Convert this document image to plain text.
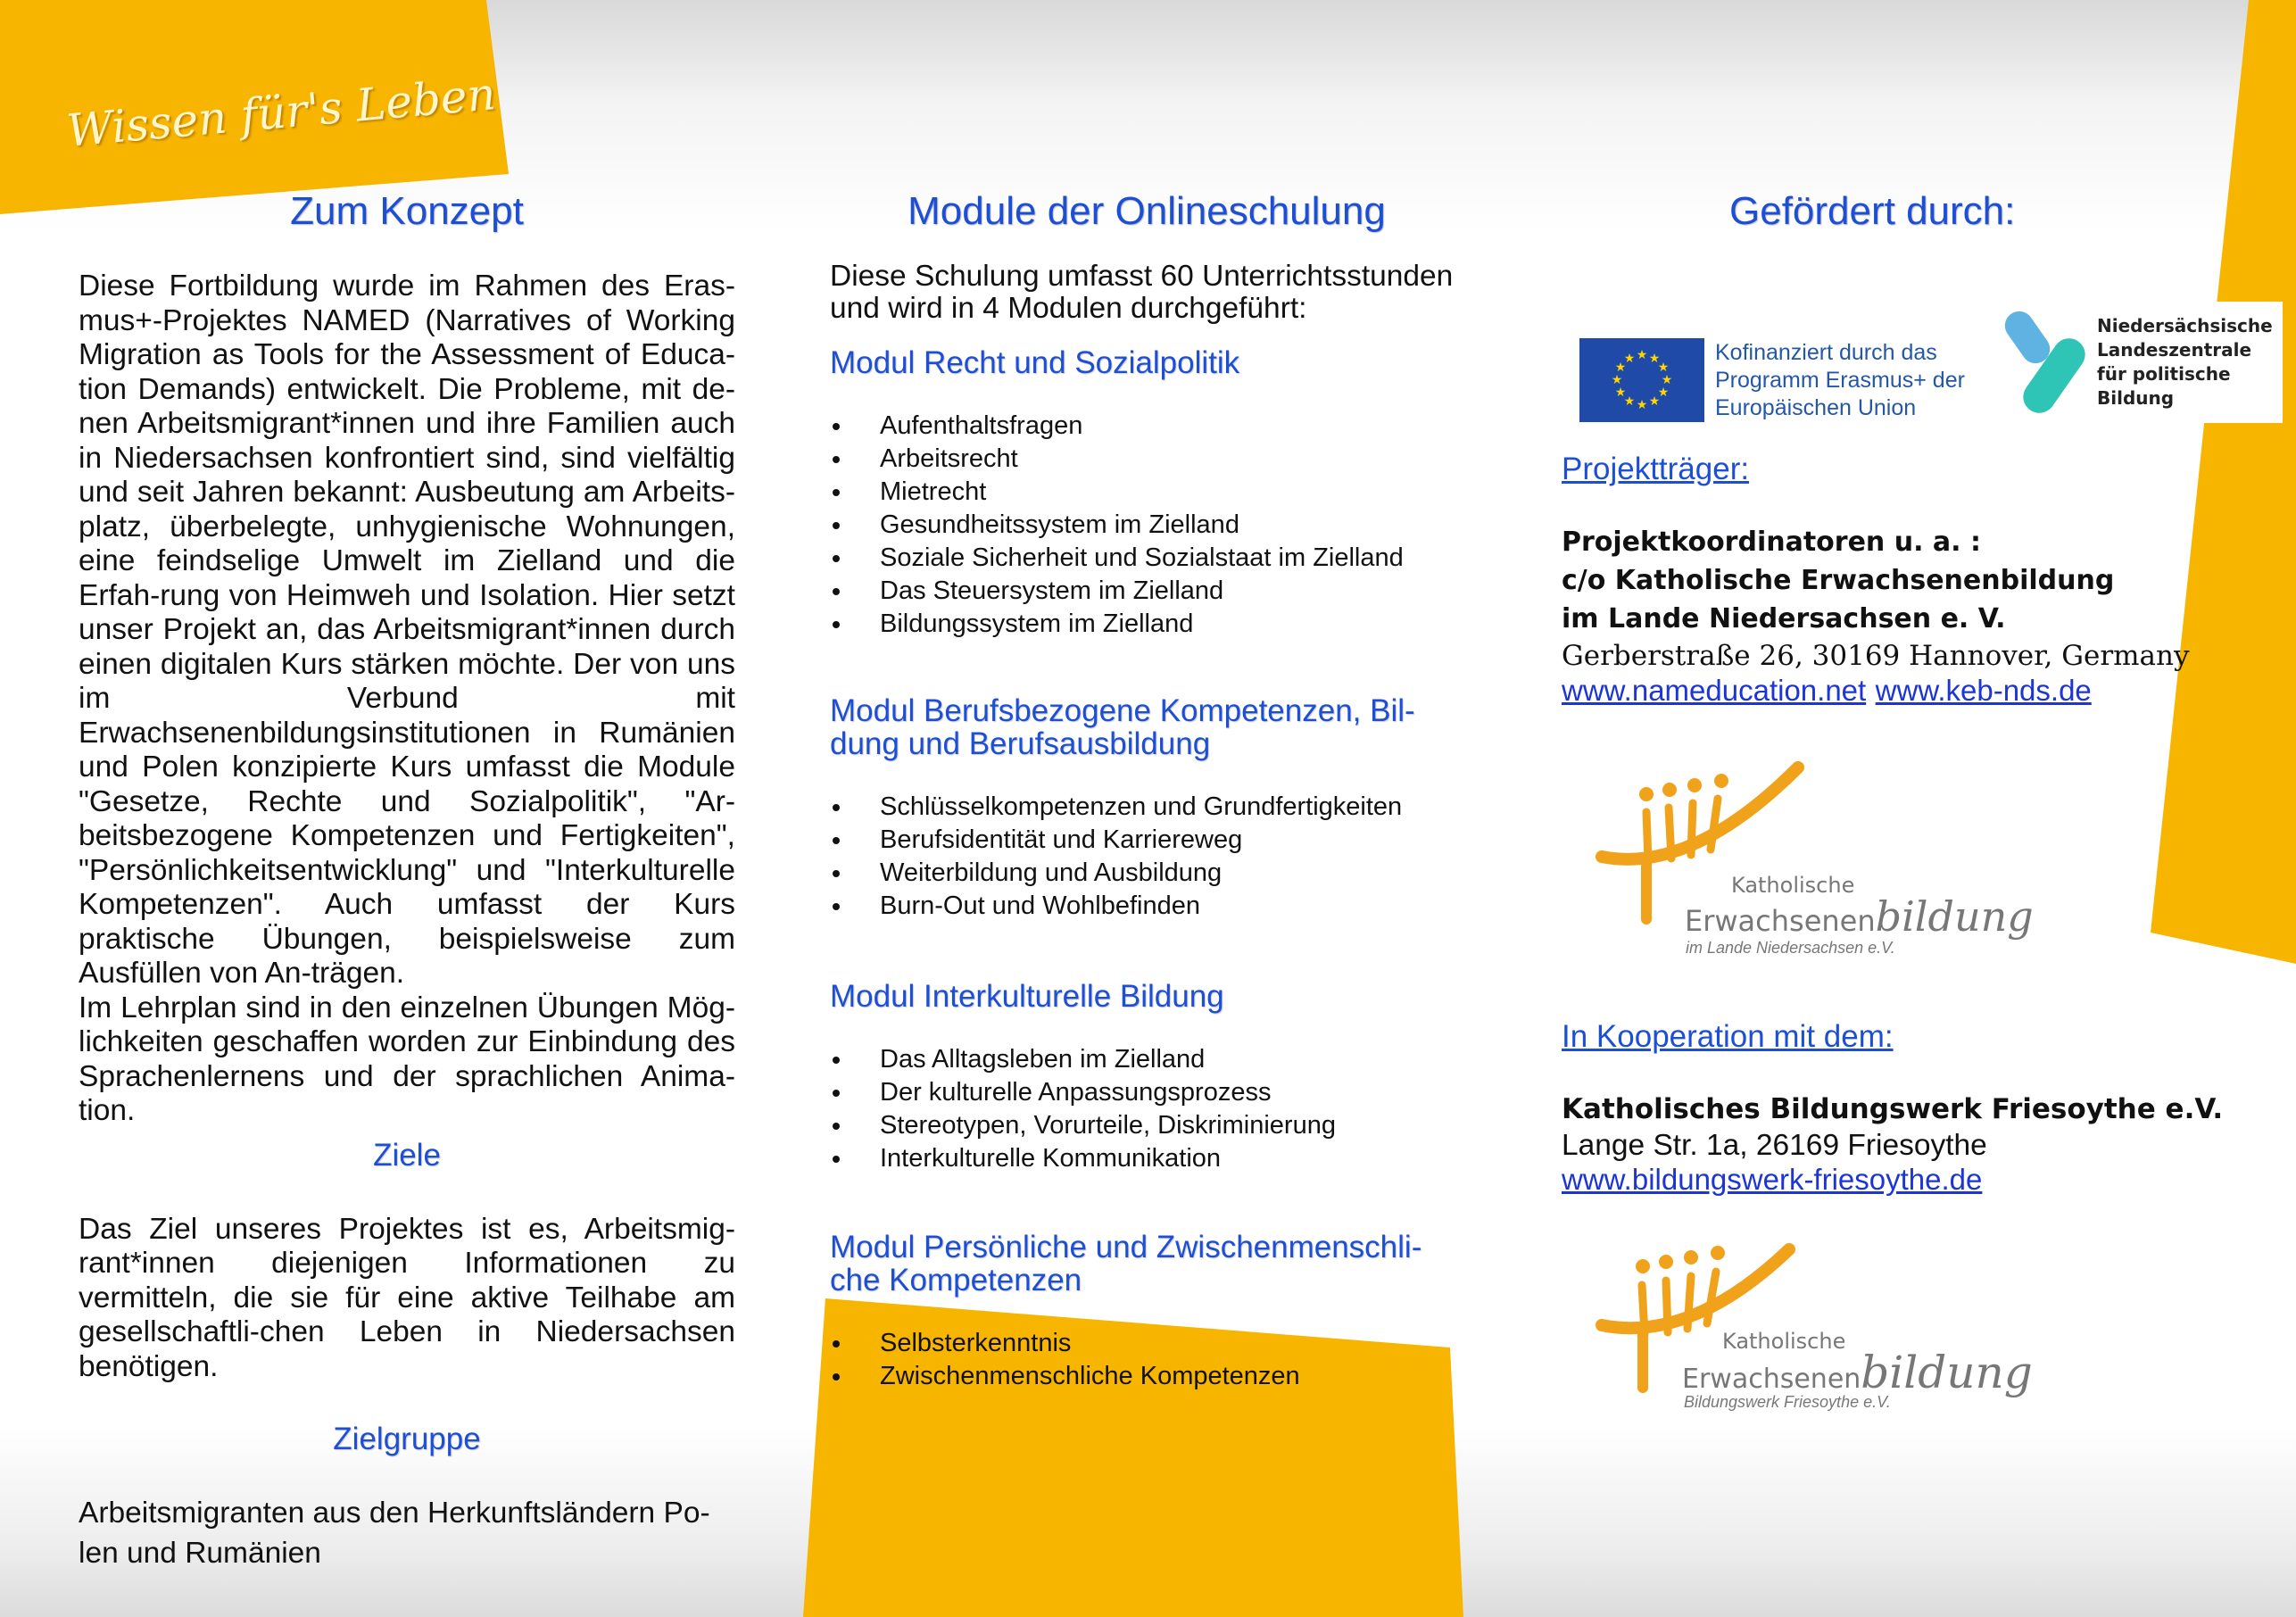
Wissen für's Leben
Zum Konzept

Diese Fortbildung wurde im Rahmen des Eras-mus+-Projektes NAMED (Narratives of Working Migration as Tools for the Assessment of Educa-tion Demands) entwickelt. Die Probleme, mit de-nen Arbeitsmigrant*innen und ihre Familien auch in Niedersachsen konfrontiert sind, sind vielfältig und seit Jahren bekannt: Ausbeutung am Arbeits-platz, überbelegte, unhygienische Wohnungen, eine feindselige Umwelt im Zielland und die Erfah-rung von Heimweh und Isolation. Hier setzt unser Projekt an, das Arbeitsmigrant*innen durch einen digitalen Kurs stärken möchte. Der von uns im Verbund mit Erwachsenenbildungsinstitutionen in Rumänien und Polen konzipierte Kurs umfasst die Module "Gesetze, Rechte und Sozialpolitik", "Ar-beitsbezogene Kompetenzen und Fertigkeiten", "Persönlichkeitsentwicklung" und "Interkulturelle Kompetenzen". Auch umfasst der Kurs praktische Übungen, beispielsweise zum Ausfüllen von An-trägen.

Im Lehrplan sind in den einzelnen Übungen Mög-lichkeiten geschaffen worden zur Einbindung des Sprachenlernens und der sprachlichen Anima-tion.

Ziele

Das Ziel unseres Projektes ist es, Arbeitsmig-rant*innen diejenigen Informationen zu vermitteln, die sie für eine aktive Teilhabe am gesellschaftli-chen Leben in Niedersachsen benötigen.

Zielgruppe

Arbeitsmigranten aus den Herkunftsländern Po-len und Rumänien

Module der Onlineschulung

Diese Schulung umfasst 60 Unterrichtsstunden und wird in 4 Modulen durchgeführt:

Modul Recht und Sozialpolitik
Aufenthaltsfragen
Arbeitsrecht
Mietrecht
Gesundheitssystem im Zielland
Soziale Sicherheit und Sozialstaat im Zielland
Das Steuersystem im Zielland
Bildungssystem im Zielland
Modul Berufsbezogene Kompetenzen, Bil-dung und Berufsausbildung
Schlüsselkompetenzen und Grundfertigkeiten
Berufsidentität und Karriereweg
Weiterbildung und Ausbildung
Burn-Out und Wohlbefinden
Modul Interkulturelle Bildung
Das Alltagsleben im Zielland
Der kulturelle Anpassungsprozess
Stereotypen, Vorurteile, Diskriminierung
Interkulturelle Kommunikation
Modul Persönliche und Zwischenmenschli-che Kompetenzen
Selbsterkenntnis
Zwischenmenschliche Kompetenzen
Gefördert durch:
★ ★
★
★
★
★
★
★
★
★
★
★	Kofinanziert durch das Programm Erasmus+ der Europäischen Union
Niedersächsische Landeszentrale für politische Bildung

Projektträger:

Projektkoordinatoren u. a. :

c/o Katholische Erwachsenenbildung

im Lande Niedersachsen e. V.

Gerberstraße 26, 30169 Hannover, Germany

www.nameducation.net www.keb-nds.de

Katholische
Erwachsenenbildung
im Lande Niedersachsen e.V.

In Kooperation mit dem:

Katholisches Bildungswerk Friesoythe e.V.

Lange Str. 1a, 26169 Friesoythe

www.bildungswerk-friesoythe.de

Katholische
Erwachsenenbildung
Bildungswerk Friesoythe e.V.
